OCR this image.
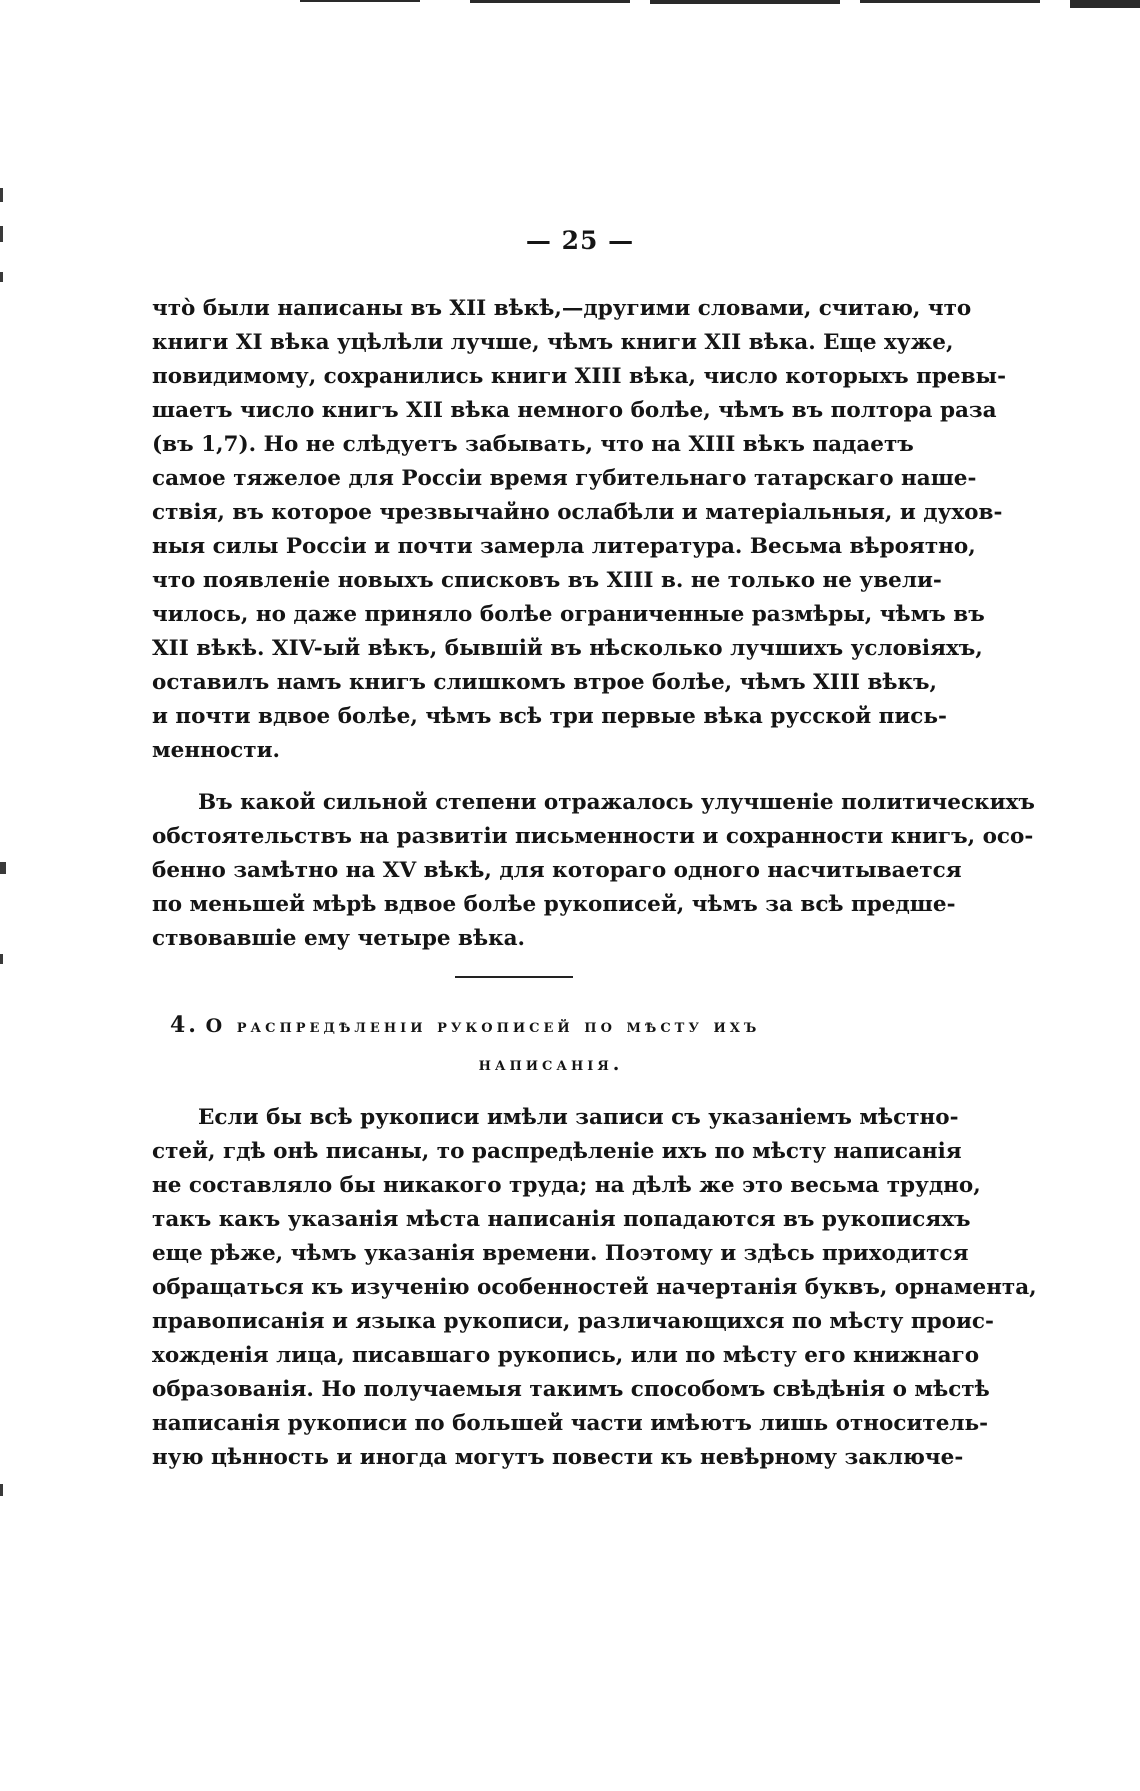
— 25 —
чтò были написаны въ XII вѣкѣ,—другими словами, считаю, что
книги XI вѣка уцѣлѣли лучше, чѣмъ книги XII вѣка. Еще хуже,
повидимому, сохранились книги XIII вѣка, число которыхъ превы-
шаетъ число книгъ XII вѣка немного болѣе, чѣмъ въ полтора раза
(въ 1,7). Но не слѣдуетъ забывать, что на XIII вѣкъ падаетъ
самое тяжелое для Россіи время губительнаго татарскаго наше-
ствія, въ которое чрезвычайно ослабѣли и матеріальныя, и духов-
ныя силы Россіи и почти замерла литература. Весьма вѣроятно,
что появленіе новыхъ списковъ въ XIII в. не только не увели-
чилось, но даже приняло болѣе ограниченные размѣры, чѣмъ въ
XII вѣкѣ. XIV-ый вѣкъ, бывшій въ нѣсколько лучшихъ условіяхъ,
оставилъ намъ книгъ слишкомъ втрое болѣе, чѣмъ XIII вѣкъ,
и почти вдвое болѣе, чѣмъ всѣ три первые вѣка русской пись-
менности.
Въ какой сильной степени отражалось улучшеніе политическихъ
обстоятельствъ на развитіи письменности и сохранности книгъ, осо-
бенно замѣтно на XV вѣкѣ, для котораго одного насчитывается
по меньшей мѣрѣ вдвое болѣе рукописей, чѣмъ за всѣ предше-
ствовавшіе ему четыре вѣка.
4. О распредѣленіи рукописей по мѣсту ихъ
написанія.
Если бы всѣ рукописи имѣли записи съ указаніемъ мѣстно-
стей, гдѣ онѣ писаны, то распредѣленіе ихъ по мѣсту написанія
не составляло бы никакого труда; на дѣлѣ же это весьма трудно,
такъ какъ указанія мѣста написанія попадаются въ рукописяхъ
еще рѣже, чѣмъ указанія времени. Поэтому и здѣсь приходится
обращаться къ изученію особенностей начертанія буквъ, орнамента,
правописанія и языка рукописи, различающихся по мѣсту проис-
хожденія лица, писавшаго рукопись, или по мѣсту его книжнаго
образованія. Но получаемыя такимъ способомъ свѣдѣнія о мѣстѣ
написанія рукописи по большей части имѣютъ лишь относитель-
ную цѣнность и иногда могутъ повести къ невѣрному заключе-
